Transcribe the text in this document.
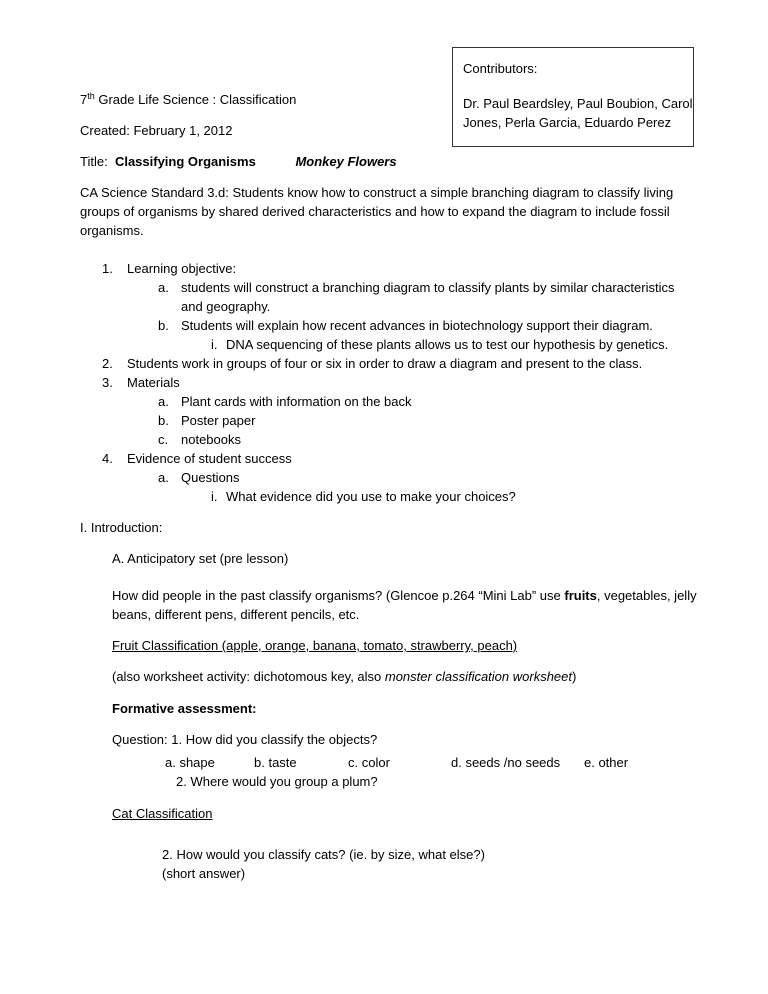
Contributors:
Dr. Paul Beardsley, Paul Boubion, Carol Jones, Perla Garcia, Eduardo Perez
7th Grade Life Science : Classification
Created: February 1, 2012
Title: Classifying Organisms	Monkey Flowers
CA Science Standard 3.d: Students know how to construct a simple branching diagram to classify living groups of organisms by shared derived characteristics and how to expand the diagram to include fossil organisms.
1. Learning objective:
a. students will construct a branching diagram to classify plants by similar characteristics
and geography.
b. Students will explain how recent advances in biotechnology support their diagram.
i. DNA sequencing of these plants allows us to test our hypothesis by genetics.
2. Students work in groups of four or six in order to draw a diagram and present to the class.
3. Materials
a. Plant cards with information on the back
b. Poster paper
c. notebooks
4. Evidence of student success
a. Questions
i. What evidence did you use to make your choices?
I. Introduction:
A. Anticipatory set (pre lesson)
How did people in the past classify organisms? (Glencoe p.264 “Mini Lab” use fruits, vegetables, jelly
beans, different pens, different pencils, etc.
Fruit Classification (apple, orange, banana, tomato, strawberry, peach)
(also worksheet activity: dichotomous key, also monster classification worksheet)
Formative assessment:
Question: 1. How did you classify the objects?
a. shape	b. taste	c. color	d. seeds /no seeds e. other
2. Where would you group a plum?
Cat Classification
2. How would you classify cats? (ie. by size, what else?)
(short answer)
